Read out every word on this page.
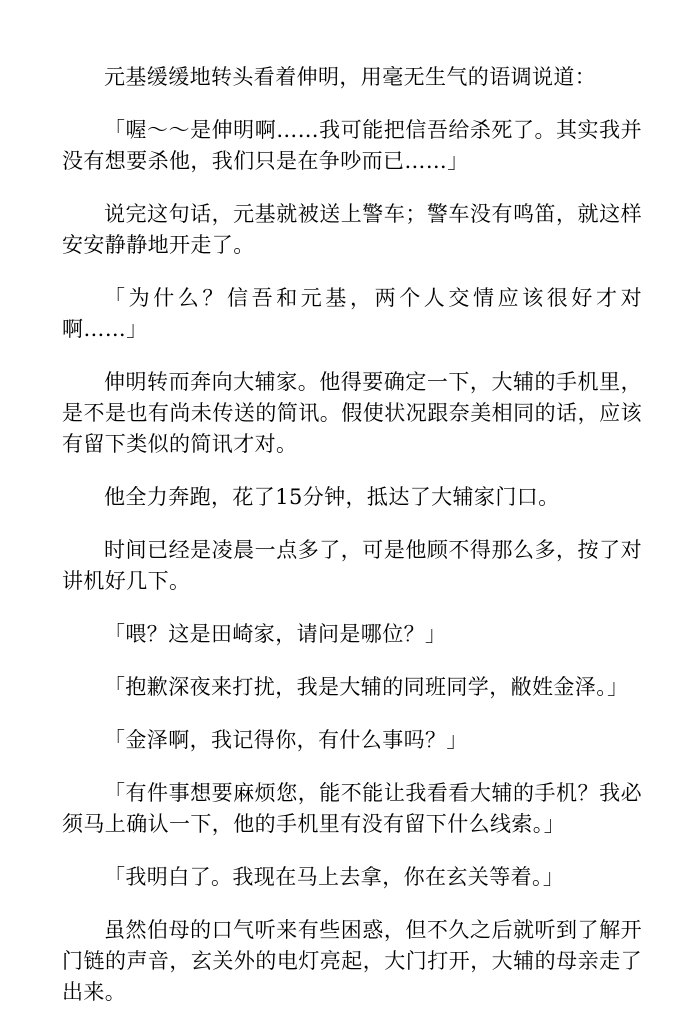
元基缓缓地转头看着伸明，用毫无生气的语调说道：

「喔～～是伸明啊……我可能把信吾给杀死了。其实我并没有想要杀他，我们只是在争吵而已……」

说完这句话，元基就被送上警车；警车没有鸣笛，就这样安安静静地开走了。

「为什么？信吾和元基，两个人交情应该很好才对啊……」

伸明转而奔向大辅家。他得要确定一下，大辅的手机里，是不是也有尚未传送的简讯。假使状况跟奈美相同的话，应该有留下类似的简讯才对。

他全力奔跑，花了15分钟，抵达了大辅家门口。

时间已经是凌晨一点多了，可是他顾不得那么多，按了对讲机好几下。

「喂？这是田崎家，请问是哪位？」

「抱歉深夜来打扰，我是大辅的同班同学，敝姓金泽。」

「金泽啊，我记得你，有什么事吗？」

「有件事想要麻烦您，能不能让我看看大辅的手机？我必须马上确认一下，他的手机里有没有留下什么线索。」

「我明白了。我现在马上去拿，你在玄关等着。」

虽然伯母的口气听来有些困惑，但不久之后就听到了解开门链的声音，玄关外的电灯亮起，大门打开，大辅的母亲走了出来。
